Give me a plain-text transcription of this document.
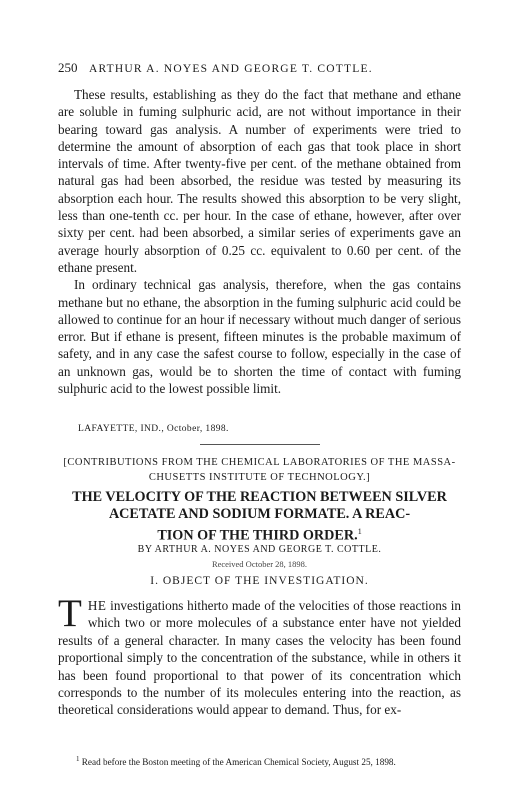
250 ARTHUR A. NOYES AND GEORGE T. COTTLE.

These results, establishing as they do the fact that methane and ethane are soluble in fuming sulphuric acid, are not without importance in their bearing toward gas analysis. A number of experiments were tried to determine the amount of absorption of each gas that took place in short intervals of time. After twenty-five per cent. of the methane obtained from natural gas had been absorbed, the residue was tested by measuring its absorption each hour. The results showed this absorption to be very slight, less than one-tenth cc. per hour. In the case of ethane, however, after over sixty per cent. had been absorbed, a similar series of experiments gave an average hourly absorption of 0.25 cc. equivalent to 0.60 per cent. of the ethane present.

In ordinary technical gas analysis, therefore, when the gas contains methane but no ethane, the absorption in the fuming sulphuric acid could be allowed to continue for an hour if necessary without much danger of serious error. But if ethane is present, fifteen minutes is the probable maximum of safety, and in any case the safest course to follow, especially in the case of an unknown gas, would be to shorten the time of contact with fuming sulphuric acid to the lowest possible limit.

LAFAYETTE, IND., October, 1898.
[CONTRIBUTIONS FROM THE CHEMICAL LABORATORIES OF THE MASSA-
CHUSETTS INSTITUTE OF TECHNOLOGY.]
THE VELOCITY OF THE REACTION BETWEEN SILVER
ACETATE AND SODIUM FORMATE. A REAC-
TION OF THE THIRD ORDER.$^1$
BY ARTHUR A. NOYES AND GEORGE T. COTTLE.
Received October 28, 1898.
I. OBJECT OF THE INVESTIGATION.
THE investigations hitherto made of the velocities of those reactions in which two or more molecules of a substance enter have not yielded results of a general character. In many cases the velocity has been found proportional simply to the concentration of the substance, while in others it has been found proportional to that power of its concentration which corresponds to the number of its molecules entering into the reaction, as theoretical considerations would appear to demand. Thus, for ex-
$^1$ Read before the Boston meeting of the American Chemical Society, August 25, 1898.
